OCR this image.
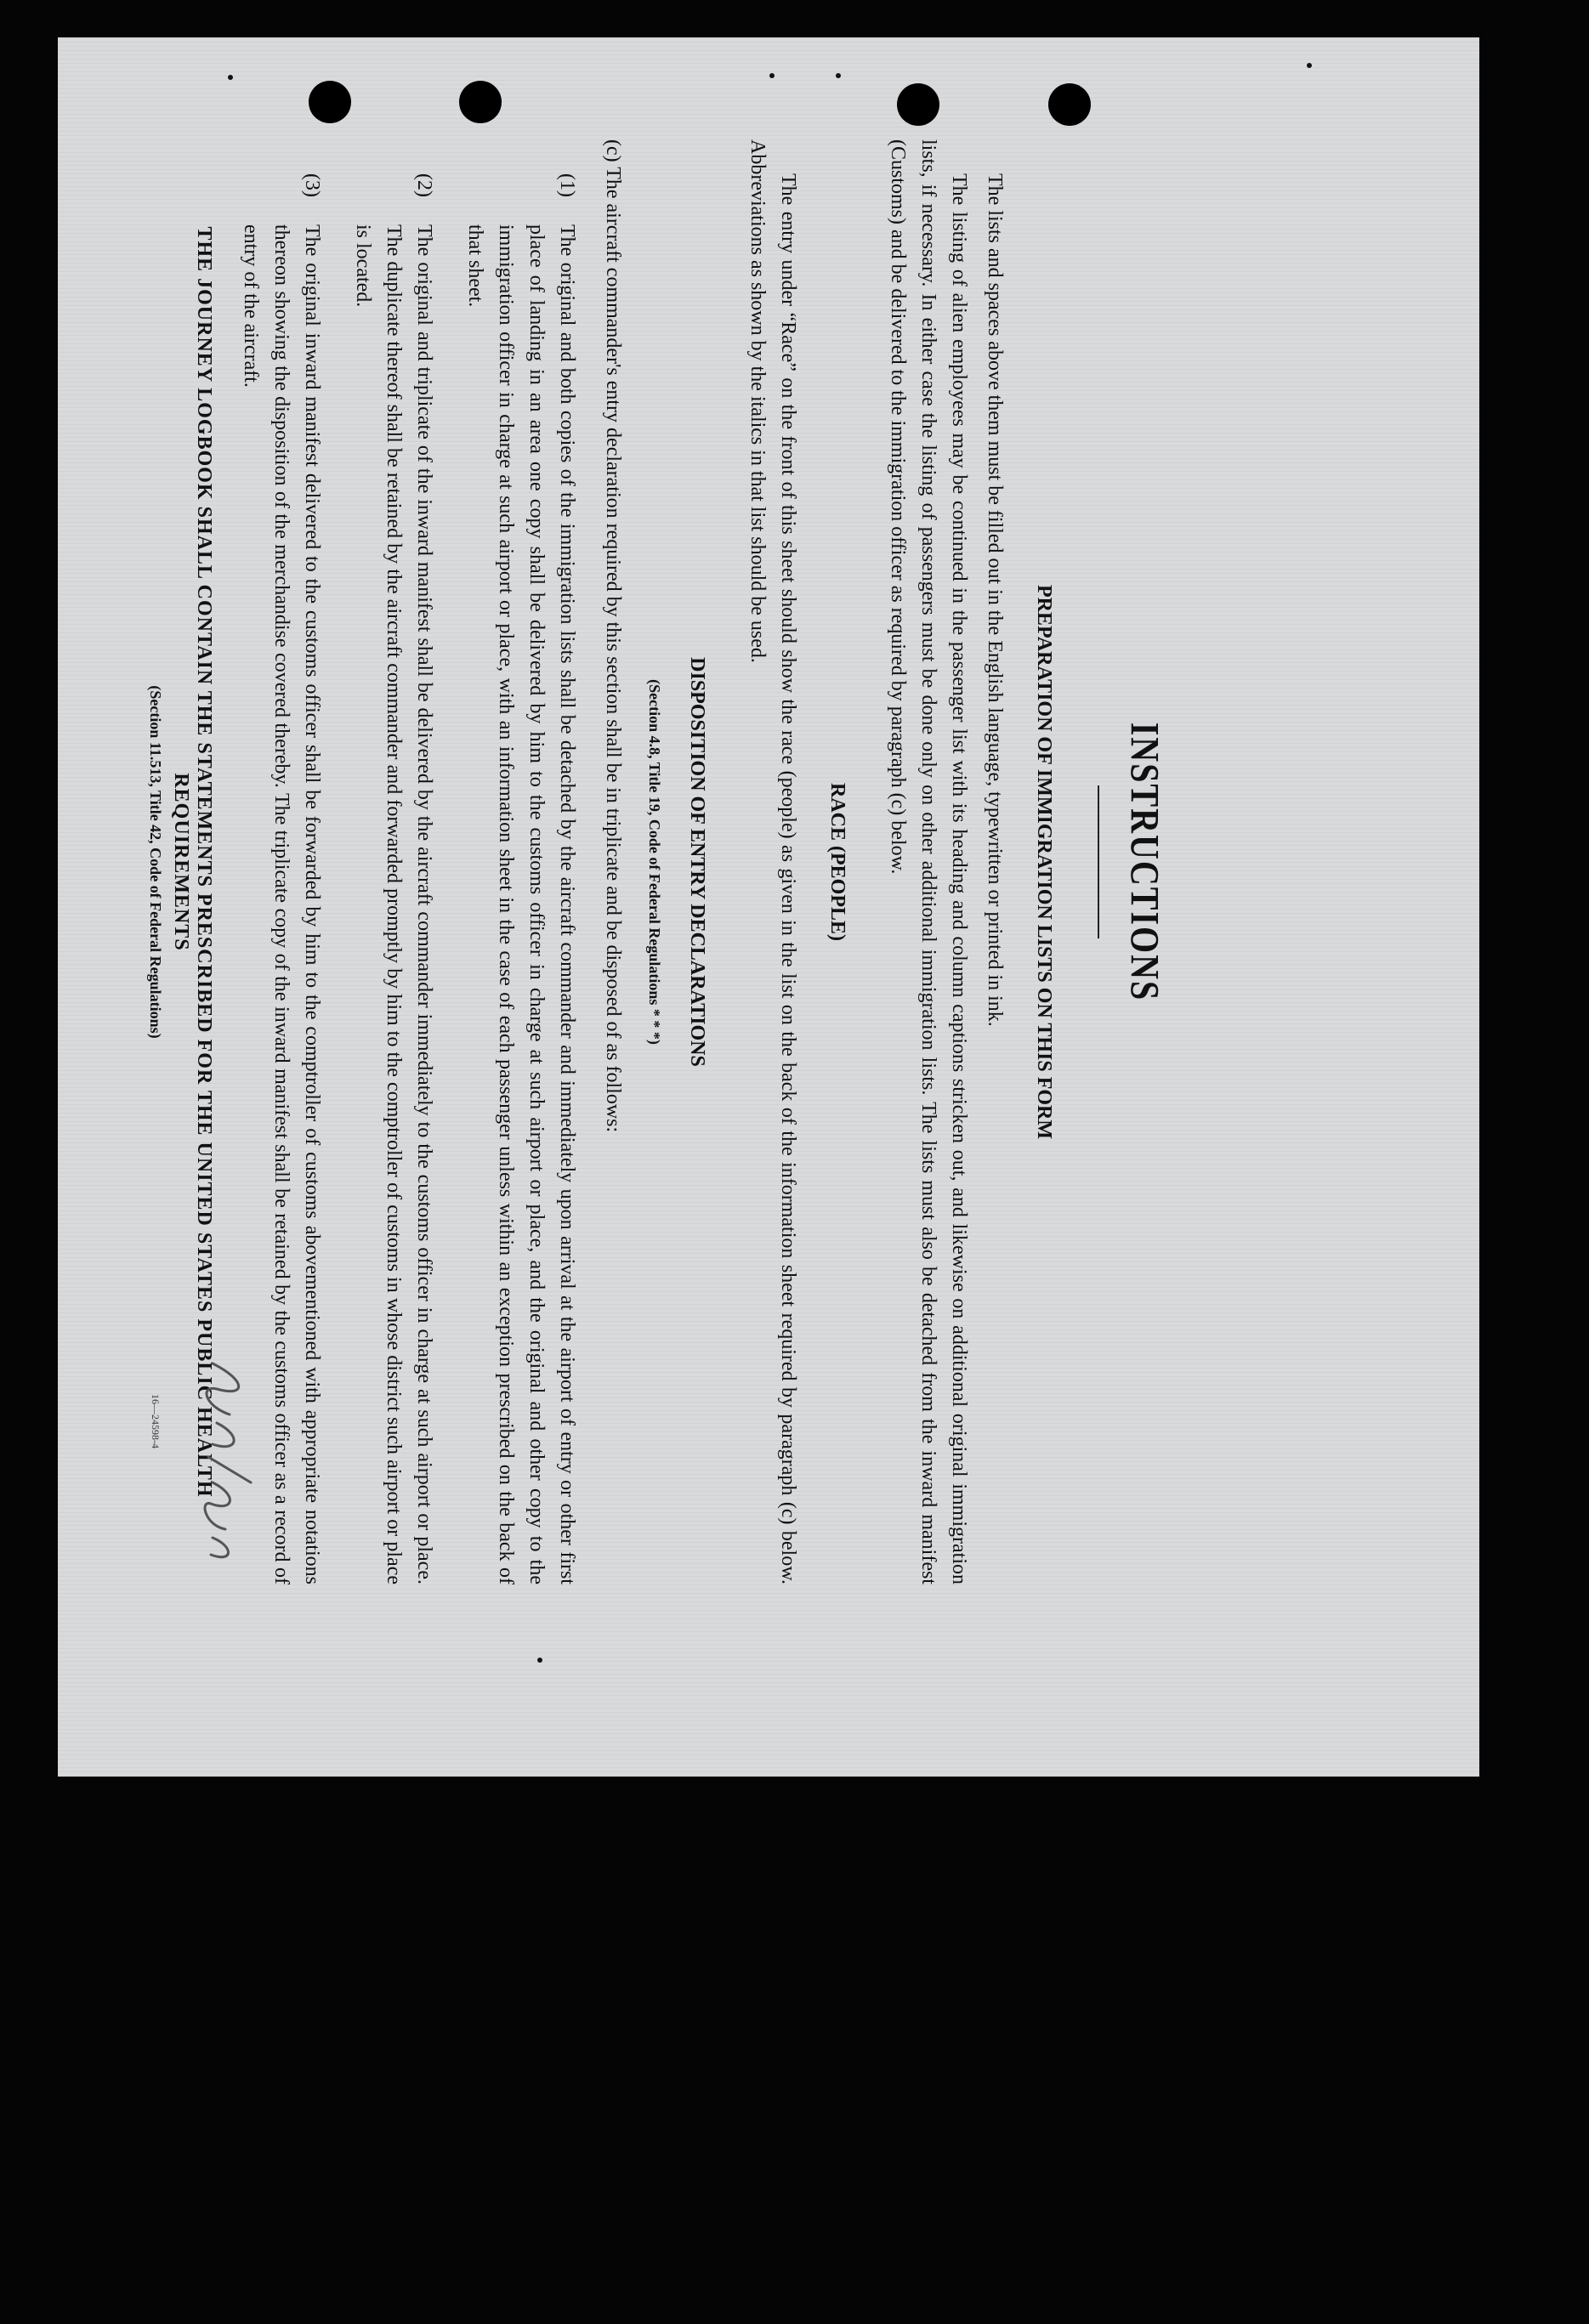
INSTRUCTIONS
PREPARATION OF IMMIGRATION LISTS ON THIS FORM

The lists and spaces above them must be filled out in the English language, typewritten or printed in ink.

The listing of alien employees may be continued in the passenger list with its heading and column captions stricken out, and likewise on additional original immigration lists, if necessary. In either case the listing of passengers must be done only on other additional immigration lists. The lists must also be detached from the inward manifest (Customs) and be delivered to the immigration officer as required by paragraph (c) below.

RACE (PEOPLE)

The entry under “Race” on the front of this sheet should show the race (people) as given in the list on the back of the information sheet required by paragraph (c) below. Abbreviations as shown by the italics in that list should be used.

DISPOSITION OF ENTRY DECLARATIONS
(Section 4.8, Title 19, Code of Federal Regulations * * *)

(c) The aircraft commander's entry declaration required by this section shall be in triplicate and be disposed of as follows:

(1)
The original and both copies of the immigration lists shall be detached by the aircraft commander and immediately upon arrival at the airport of entry or other first place of landing in an area one copy shall be delivered by him to the customs officer in charge at such airport or place, and the original and other copy to the immigration officer in charge at such airport or place, with an information sheet in the case of each passenger unless within an exception prescribed on the back of that sheet.
(2)
The original and triplicate of the inward manifest shall be delivered by the aircraft commander immediately to the customs officer in charge at such airport or place. The duplicate thereof shall be retained by the aircraft commander and forwarded promptly by him to the comptroller of customs in whose district such airport or place is located.
(3)
The original inward manifest delivered to the customs officer shall be forwarded by him to the comptroller of customs abovementioned with appropriate notations thereon showing the disposition of the merchandise covered thereby. The triplicate copy of the inward manifest shall be retained by the customs officer as a record of entry of the aircraft.
THE JOURNEY LOGBOOK SHALL CONTAIN THE STATEMENTS PRESCRIBED FOR THE UNITED STATES PUBLIC HEALTH REQUIREMENTS
(Section 11.513, Title 42, Code of Federal Regulations)
16—24598-4
